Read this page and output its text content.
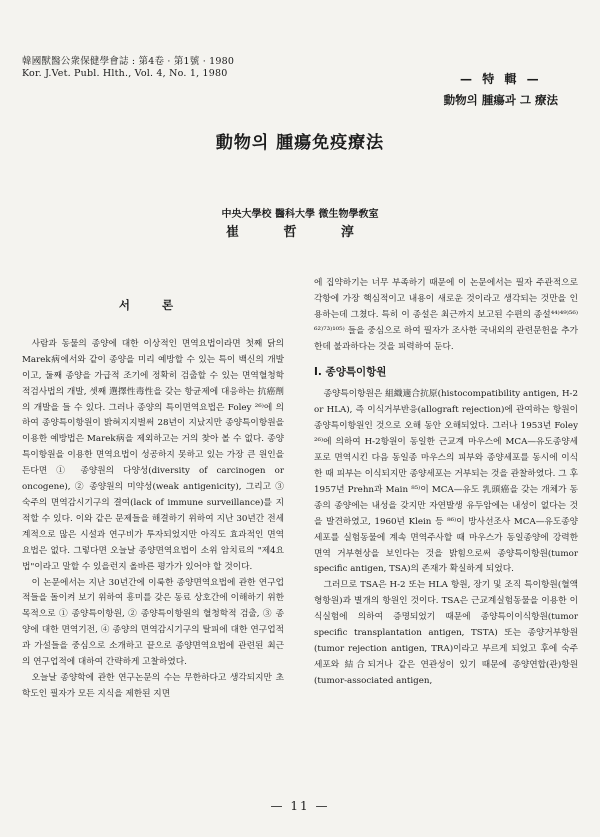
韓國獸醫公衆保健學會誌 : 第4卷 · 第1號 · 1980
Kor. J.Vet. Publ. Hlth., Vol. 4, No. 1, 1980	— 特 輯 —
動物의 腫瘍과 그 療法
動物의 腫瘍免疫療法
中央大學校 醫科大學 微生物學敎室
崔 哲 淳
서 론

사람과 동물의 종양에 대한 이상적인 면역요법이라면 첫째 닭의 Marek病에서와 같이 종양을 미리 예방할 수 있는 특이 백신의 개발이고, 둘째 종양을 가급적 조기에 정확히 검출할 수 있는 면역혈청학적검사법의 개발, 셋째 選擇性毒性을 갖는 항균제에 대응하는 抗癌劑의 개발을 들 수 있다. 그러나 종양의 특이면역요법은 Foley ²⁶⁾에 의하여 종양특이항원이 밝혀지지벌써 28년이 지났지만 종양특이항원을 이용한 예방법은 Marek病을 제외하고는 거의 찾아 볼 수 없다. 종양 특이항원을 이용한 면역요법이 성공하지 못하고 있는 가장 큰 원인을 든다면 ① 종양원의 다양성(diversity of carcinogen or oncogene), ② 종양원의 미약성(weak antigenicity), 그리고 ③ 숙주의 면역감시기구의 결여(lack of immune surveillance)를 지적할 수 있다. 이와 같은 문제들을 해결하기 위하여 지난 30년간 전세계적으로 많은 시설과 연구비가 투자되었지만 아직도 효과적인 면역요법은 없다. 그렇다면 오늘날 종양면역요법이 소위 암치료의 "제4요법"이라고 말할 수 있을런지 올바른 평가가 있어야 할 것이다.

이 논문에서는 지난 30년간에 이룩한 종양면역요법에 관한 연구업적들을 돌이켜 보기 위하여 흥미를 갖은 동료 상호간에 이해하기 위한 목적으로 ① 종양특이항원, ② 종양특이항원의 혈청학적 검출, ③ 종양에 대한 면역기전, ④ 종양의 면역감시기구의 탈피에 대한 연구업적과 가설들을 중심으로 소개하고 끝으로 종양면역요법에 관련된 최근의 연구업적에 대하여 간략하게 고찰하였다.

오늘날 종양학에 관한 연구논문의 수는 무한하다고 생각되지만 초학도인 필자가 모든 지식을 제한된 지면

에 집약하기는 너무 부족하기 때문에 이 논문에서는 필자 주관적으로 각항에 가장 핵심적이고 내용이 새로운 것이라고 생각되는 것만을 인용하는데 그쳤다. 특히 이 종설은 최근까지 보고된 수편의 종설⁴⁴⁾⁴⁹⁾⁵⁶⁾⁶²⁾⁷³⁾¹⁰⁵⁾ 들을 중심으로 하여 필자가 조사한 국내외의 관련문헌을 추가한데 불과하다는 것을 피력하여 둔다.

I. 종양특이항원

종양특이항원은 組織適合抗原(histocompatibility antigen, H-2 or HLA), 즉 이식거부반응(allograft rejection)에 관여하는 항원이 종양특이항원인 것으로 오해 동안 오해되었다. 그러나 1953년 Foley ²⁶⁾에 의하여 H-2항원이 동일한 근교계 마우스에 MCA—유도종양세포로 면역시킨 다음 동일종 마우스의 피부와 종양세포를 동시에 이식한 때 피부는 이식되지만 종양세포는 거부되는 것을 관찰하였다. 그 후 1957년 Prehn과 Main ⁸⁵⁾이 MCA—유도 乳頭癌을 갖는 개체가 동종의 종양에는 내성을 갖지만 자연발생 유두암에는 내성이 없다는 것을 발견하였고, 1960년 Klein 등 ⁸⁶⁾이 방사선조사 MCA—유도종양세포를 실험동물에 계속 면역주사할 때 마우스가 동일종양에 강력한 면역 거부현상을 보인다는 것을 밝힘으로써 종양특이항원(tumor specific antigen, TSA)의 존재가 확실하게 되었다.

그러므로 TSA은 H-2 또는 HLA 항원, 장기 및 조직 특이항원(혈액형항원)과 별개의 항원인 것이다. TSA은 근교계실험동물을 이용한 이식실험에 의하여 증명되었기 때문에 종양특이이식항원(tumor specific transplantation antigen, TSTA) 또는 종양거부항원(tumor rejection antigen, TRA)이라고 부르게 되었고 후에 숙주세포와 結合되거나 같은 연관성이 있기 때문에 종양연합(관)항원(tumor-associated antigen,

— 11 —
